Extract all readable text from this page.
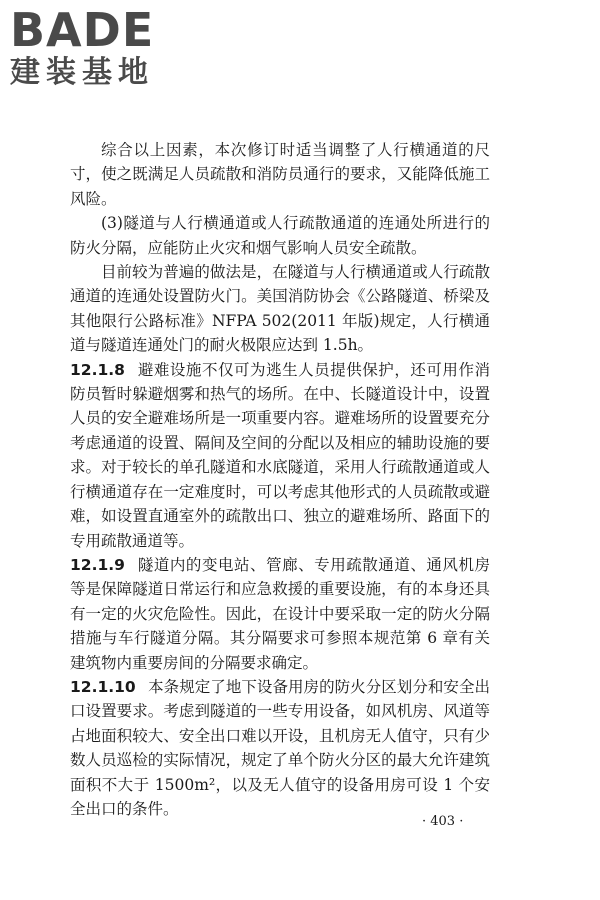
BADE
建装基地

综合以上因素，本次修订时适当调整了人行横通道的尺寸，使之既满足人员疏散和消防员通行的要求，又能降低施工风险。

(3)隧道与人行横通道或人行疏散通道的连通处所进行的防火分隔，应能防止火灾和烟气影响人员安全疏散。

目前较为普遍的做法是，在隧道与人行横通道或人行疏散通道的连通处设置防火门。美国消防协会《公路隧道、桥梁及其他限行公路标准》NFPA 502(2011 年版)规定，人行横通道与隧道连通处门的耐火极限应达到 1.5h。

12.1.8 避难设施不仅可为逃生人员提供保护，还可用作消防员暂时躲避烟雾和热气的场所。在中、长隧道设计中，设置人员的安全避难场所是一项重要内容。避难场所的设置要充分考虑通道的设置、隔间及空间的分配以及相应的辅助设施的要求。对于较长的单孔隧道和水底隧道，采用人行疏散通道或人行横通道存在一定难度时，可以考虑其他形式的人员疏散或避难，如设置直通室外的疏散出口、独立的避难场所、路面下的专用疏散通道等。

12.1.9 隧道内的变电站、管廊、专用疏散通道、通风机房等是保障隧道日常运行和应急救援的重要设施，有的本身还具有一定的火灾危险性。因此，在设计中要采取一定的防火分隔措施与车行隧道分隔。其分隔要求可参照本规范第 6 章有关建筑物内重要房间的分隔要求确定。

12.1.10 本条规定了地下设备用房的防火分区划分和安全出口设置要求。考虑到隧道的一些专用设备，如风机房、风道等占地面积较大、安全出口难以开设，且机房无人值守，只有少数人员巡检的实际情况，规定了单个防火分区的最大允许建筑面积不大于 1500m²，以及无人值守的设备用房可设 1 个安全出口的条件。

· 403 ·
